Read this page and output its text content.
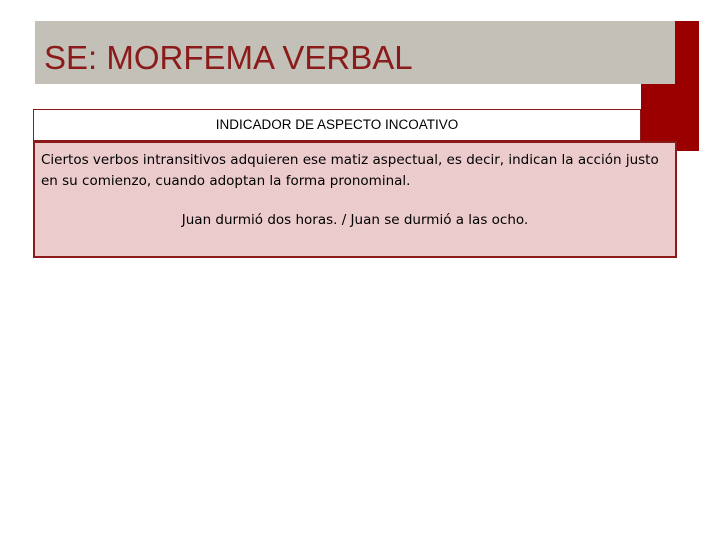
SE: MORFEMA VERBAL
INDICADOR DE ASPECTO INCOATIVO

Ciertos verbos intransitivos adquieren ese matiz aspectual, es decir, indican la acción justo en su comienzo, cuando adoptan la forma pronominal.

Juan durmió dos horas. / Juan se durmió a las ocho.
